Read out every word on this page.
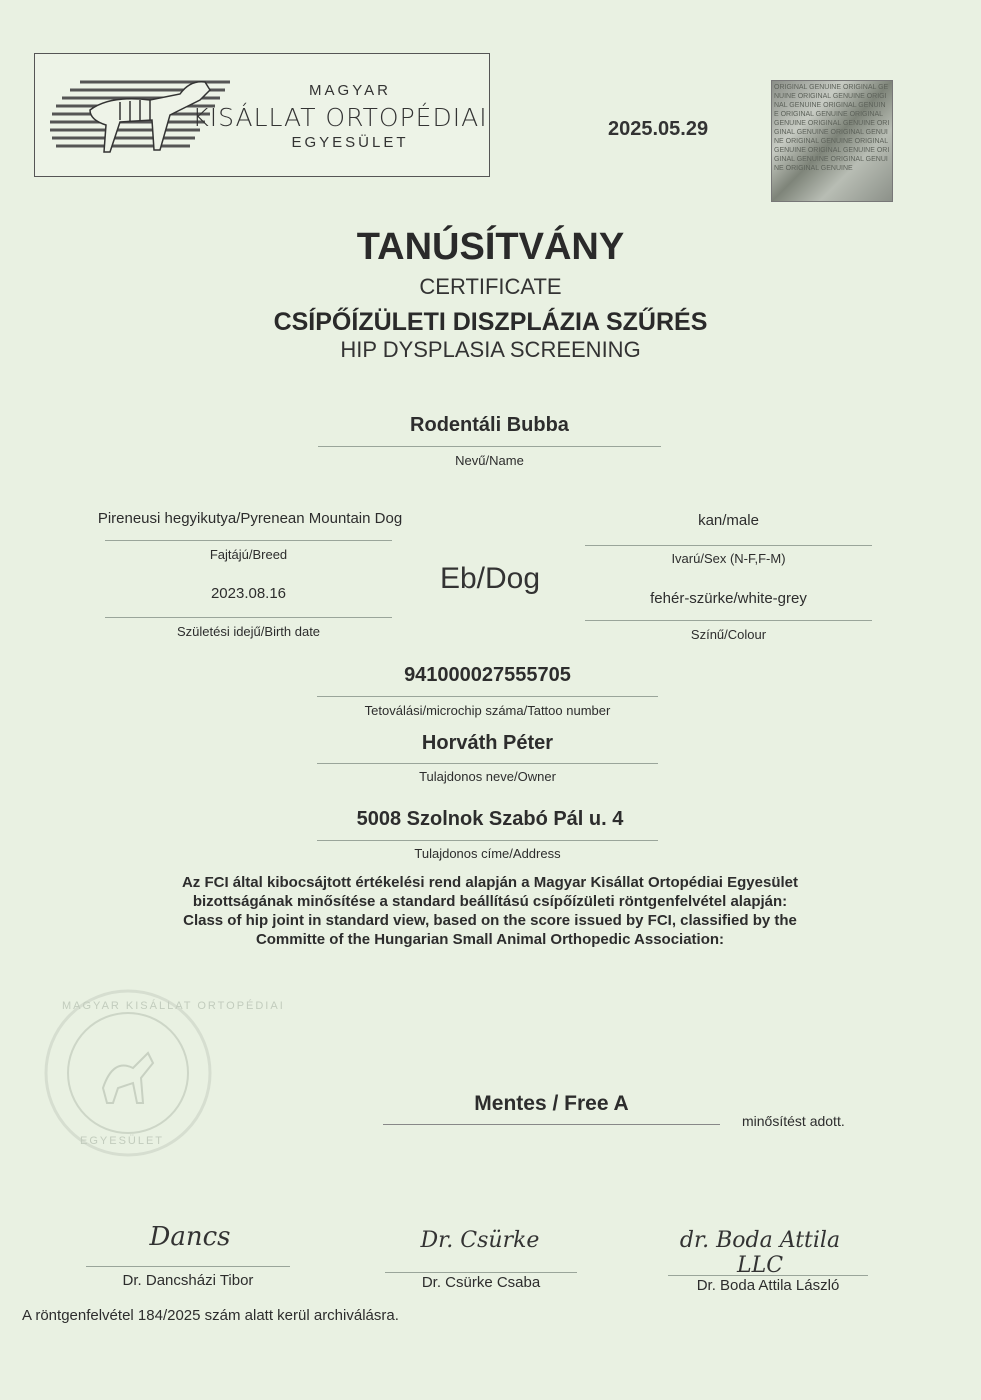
MAGYAR
KISÁLLAT ORTOPÉDIAI
EGYESÜLET
2025.05.29
ORIGINAL GENUINE ORIGINAL GENUINE ORIGINAL GENUINE ORIGINAL GENUINE ORIGINAL GENUINE ORIGINAL GENUINE ORIGINAL GENUINE ORIGINAL GENUINE ORIGINAL GENUINE ORIGINAL GENUINE ORIGINAL GENUINE ORIGINAL GENUINE ORIGINAL GENUINE ORIGINAL GENUINE ORIGINAL GENUINE ORIGINAL GENUINE
TANÚSÍTVÁNY
CERTIFICATE
CSÍPŐÍZÜLETI DISZPLÁZIA SZŰRÉS
HIP DYSPLASIA SCREENING
Rodentáli Bubba
Nevű/Name
Pireneusi hegyikutya/Pyrenean Mountain Dog
Fajtájú/Breed
Eb/Dog
kan/male
Ivarú/Sex (N-F,F-M)
2023.08.16
Születési idejű/Birth date
fehér-szürke/white-grey
Színű/Colour
941000027555705
Tetoválási/microchip száma/Tattoo number
Horváth Péter
Tulajdonos neve/Owner
5008 Szolnok Szabó Pál u. 4
Tulajdonos címe/Address
Az FCI által kibocsájtott értékelési rend alapján a Magyar Kisállat Ortopédiai Egyesület
bizottságának minősítése a standard beállítású csípőízületi röntgenfelvétel alapján:
Class of hip joint in standard view, based on the score issued by FCI, classified by the
Committe of the Hungarian Small Animal Orthopedic Association:
MAGYAR KISÁLLAT ORTOPÉDIAI
EGYESÜLET
Mentes / Free A
minősítést adott.
Dancs
Dr. Dancsházi Tibor
Dr. Csürke
Dr. Csürke Csaba
dr. Boda Attila LLC
Dr. Boda Attila László
A röntgenfelvétel 184/2025 szám alatt kerül archiválásra.
